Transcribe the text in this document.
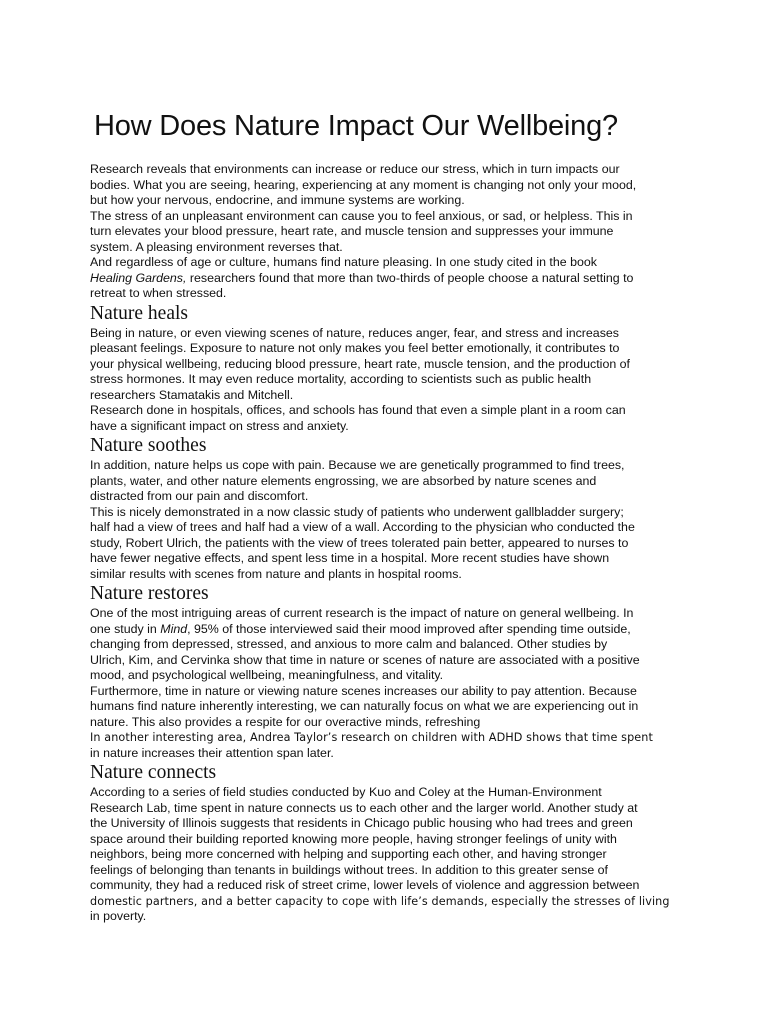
How Does Nature Impact Our Wellbeing?

Research reveals that environments can increase or reduce our stress, which in turn impacts our
bodies. What you are seeing, hearing, experiencing at any moment is changing not only your mood,
but how your nervous, endocrine, and immune systems are working.

The stress of an unpleasant environment can cause you to feel anxious, or sad, or helpless. This in
turn elevates your blood pressure, heart rate, and muscle tension and suppresses your immune
system. A pleasing environment reverses that.

And regardless of age or culture, humans find nature pleasing. In one study cited in the book
Healing Gardens, researchers found that more than two-thirds of people choose a natural setting to
retreat to when stressed.

Nature heals

Being in nature, or even viewing scenes of nature, reduces anger, fear, and stress and increases
pleasant feelings. Exposure to nature not only makes you feel better emotionally, it contributes to
your physical wellbeing, reducing blood pressure, heart rate, muscle tension, and the production of
stress hormones. It may even reduce mortality, according to scientists such as public health
researchers Stamatakis and Mitchell.

Research done in hospitals, offices, and schools has found that even a simple plant in a room can
have a significant impact on stress and anxiety.

Nature soothes

In addition, nature helps us cope with pain. Because we are genetically programmed to find trees,
plants, water, and other nature elements engrossing, we are absorbed by nature scenes and
distracted from our pain and discomfort.

This is nicely demonstrated in a now classic study of patients who underwent gallbladder surgery;
half had a view of trees and half had a view of a wall. According to the physician who conducted the
study, Robert Ulrich, the patients with the view of trees tolerated pain better, appeared to nurses to
have fewer negative effects, and spent less time in a hospital. More recent studies have shown
similar results with scenes from nature and plants in hospital rooms.

Nature restores

One of the most intriguing areas of current research is the impact of nature on general wellbeing. In
one study in Mind, 95% of those interviewed said their mood improved after spending time outside,
changing from depressed, stressed, and anxious to more calm and balanced. Other studies by
Ulrich, Kim, and Cervinka show that time in nature or scenes of nature are associated with a positive
mood, and psychological wellbeing, meaningfulness, and vitality.

Furthermore, time in nature or viewing nature scenes increases our ability to pay attention. Because
humans find nature inherently interesting, we can naturally focus on what we are experiencing out in
nature. This also provides a respite for our overactive minds, refreshing

In another interesting area, Andrea Taylor’s research on children with ADHD shows that time spent
in nature increases their attention span later.

Nature connects

According to a series of field studies conducted by Kuo and Coley at the Human-Environment
Research Lab, time spent in nature connects us to each other and the larger world. Another study at
the University of Illinois suggests that residents in Chicago public housing who had trees and green
space around their building reported knowing more people, having stronger feelings of unity with
neighbors, being more concerned with helping and supporting each other, and having stronger
feelings of belonging than tenants in buildings without trees. In addition to this greater sense of
community, they had a reduced risk of street crime, lower levels of violence and aggression between
domestic partners, and a better capacity to cope with life’s demands, especially the stresses of living
in poverty.
